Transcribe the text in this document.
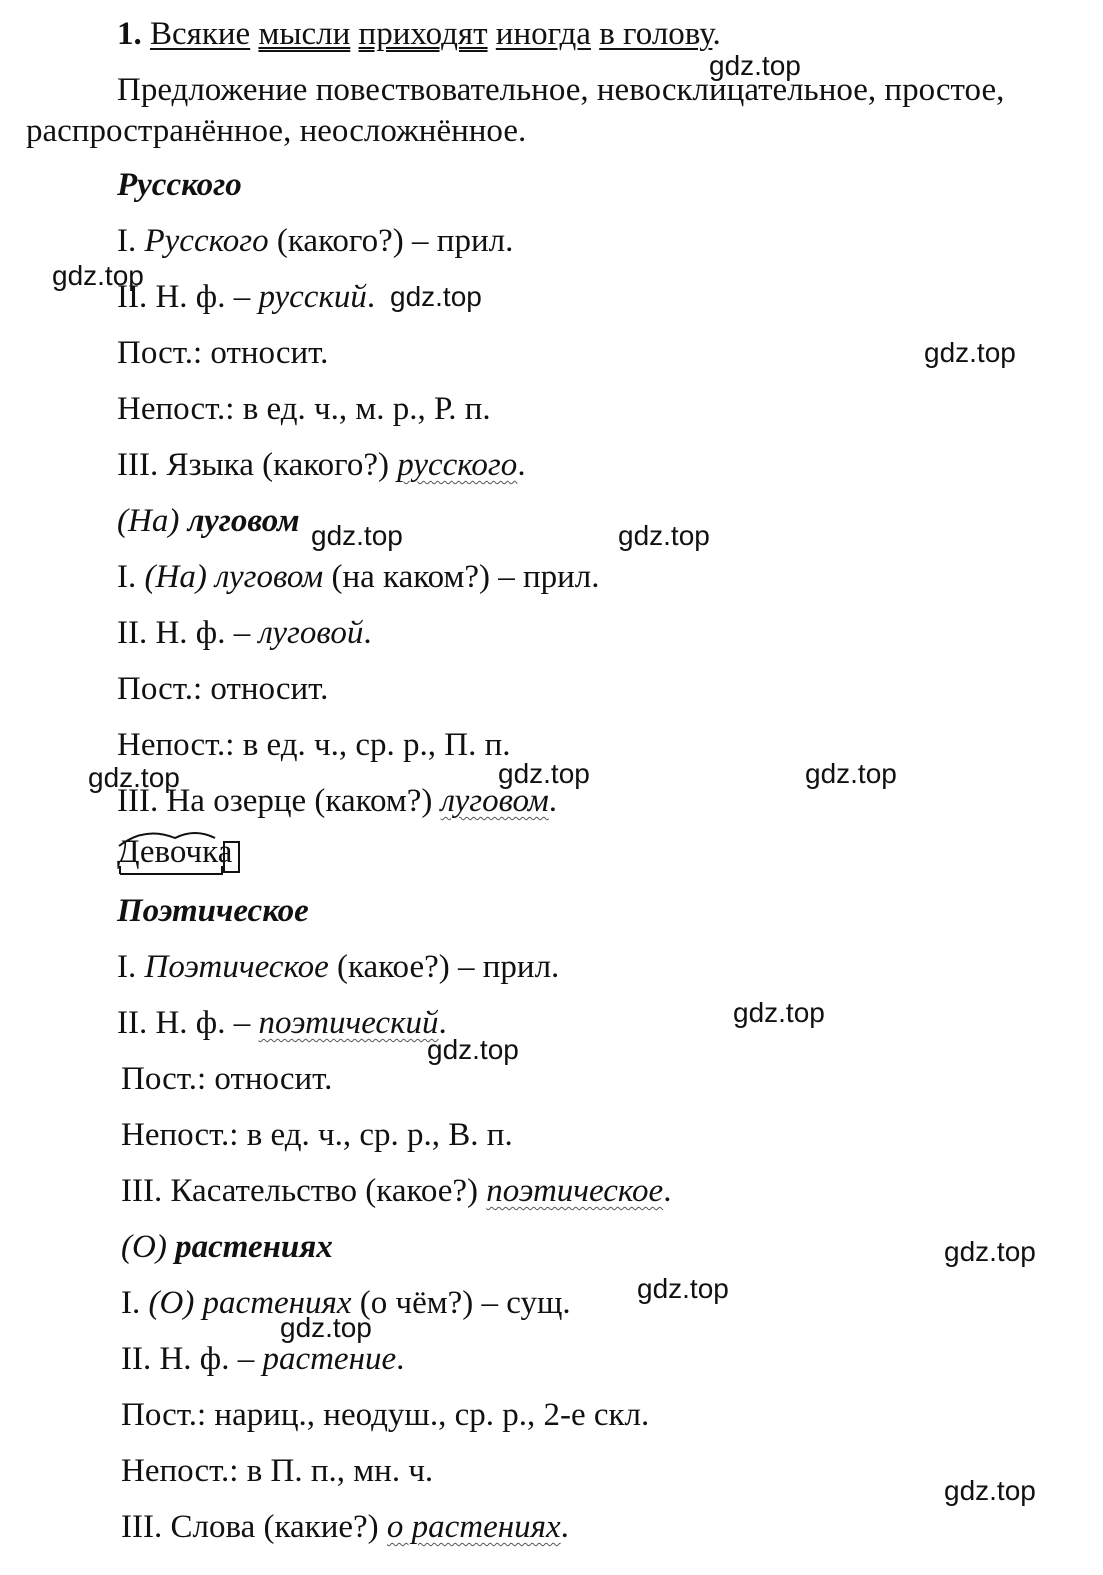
1. Всякие мысли приходят иногда в голову.
Предложение повествовательное, невосклицательное, простое,
распространённое, неосложнённое.
Русского
I. Русского (какого?) – прил.
II. Н. ф. – русский.
Пост.: относит.
Непост.: в ед. ч., м. р., Р. п.
III. Языка (какого?) русского.
(На) луговом
I. (На) луговом (на каком?) – прил.
II. Н. ф. – луговой.
Пост.: относит.
Непост.: в ед. ч., ср. р., П. п.
III. На озерце (каком?) луговом.
Девочка
Поэтическое
I. Поэтическое (какое?) – прил.
II. Н. ф. – поэтический.
Пост.: относит.
Непост.: в ед. ч., ср. р., В. п.
III. Касательство (какое?) поэтическое.
(О) растениях
I. (О) растениях (о чём?) – сущ.
II. Н. ф. – растение.
Пост.: нариц., неодуш., ср. р., 2-е скл.
Непост.: в П. п., мн. ч.
III. Слова (какие?) о растениях.
gdz.top
gdz.top
gdz.top
gdz.top
gdz.top	gdz.top
gdz.top	gdz.top	gdz.top
gdz.top
gdz.top
gdz.top
gdz.top
gdz.top
gdz.top
